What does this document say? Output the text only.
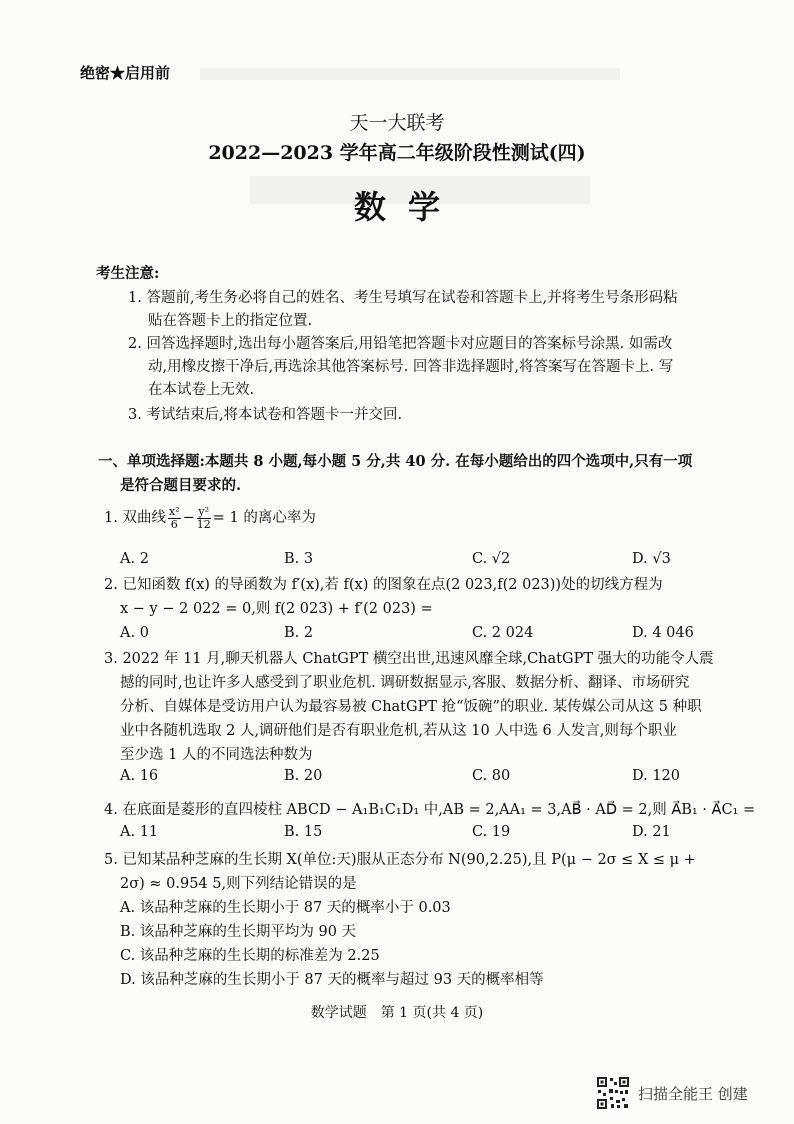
绝密★启用前
天一大联考
2022—2023 学年高二年级阶段性测试(四)
数学
考生注意:
1. 答题前,考生务必将自己的姓名、考生号填写在试卷和答题卡上,并将考生号条形码粘
贴在答题卡上的指定位置.
2. 回答选择题时,选出每小题答案后,用铅笔把答题卡对应题目的答案标号涂黑. 如需改
动,用橡皮擦干净后,再选涂其他答案标号. 回答非选择题时,将答案写在答题卡上. 写
在本试卷上无效.
3. 考试结束后,将本试卷和答题卡一并交回.
一、单项选择题:本题共 8 小题,每小题 5 分,共 40 分. 在每小题给出的四个选项中,只有一项
是符合题目要求的.
1. 双曲线 $\frac{\text{x²}}{6} - \frac{\text{y²}}{12} = 1$ 的离心率为
A. 2	B. 3	C. √2	D. √3
2. 已知函数 f(x) 的导函数为 f′(x),若 f(x) 的图象在点(2 023,f(2 023))处的切线方程为
x − y − 2 022 = 0,则 f(2 023) + f′(2 023) =
A. 0	B. 2	C. 2 024	D. 4 046
3. 2022 年 11 月,聊天机器人 ChatGPT 横空出世,迅速风靡全球,ChatGPT 强大的功能令人震
撼的同时,也让许多人感受到了职业危机. 调研数据显示,客服、数据分析、翻译、市场研究
分析、自媒体是受访用户认为最容易被 ChatGPT 抢“饭碗”的职业. 某传媒公司从这 5 种职
业中各随机选取 2 人,调研他们是否有职业危机,若从这 10 人中选 6 人发言,则每个职业
至少选 1 人的不同选法种数为
A. 16	B. 20	C. 80	D. 120
4. 在底面是菱形的直四棱柱 ABCD − A₁B₁C₁D₁ 中,AB = 2,AA₁ = 3,AB⃗ · AD⃗ = 2,则 A⃗B₁ · A⃗C₁ =
A. 11	B. 15	C. 19	D. 21
5. 已知某品种芝麻的生长期 X(单位:天)服从正态分布 N(90,2.25),且 P(μ − 2σ ≤ X ≤ μ +
2σ) ≈ 0.954 5,则下列结论错误的是
A. 该品种芝麻的生长期小于 87 天的概率小于 0.03
B. 该品种芝麻的生长期平均为 90 天
C. 该品种芝麻的生长期的标准差为 2.25
D. 该品种芝麻的生长期小于 87 天的概率与超过 93 天的概率相等
数学试题　第 1 页(共 4 页)
扫描全能王 创建
